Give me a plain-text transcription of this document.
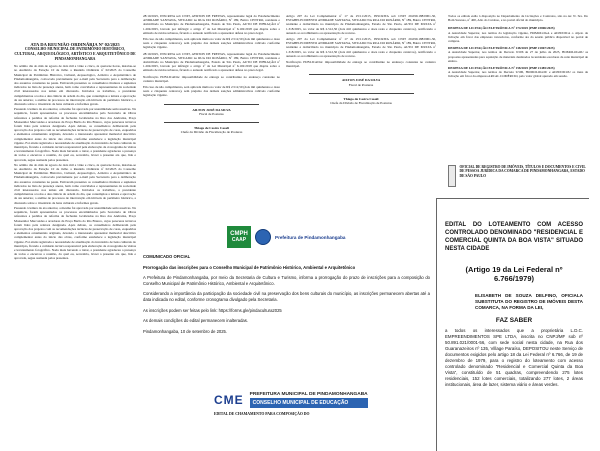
ATA DA REUNIÃO ORDINÁRIA Nº 02/2025
CONSELHO MUNICIPAL DE PATRIMÔNIO HISTÓRICO, CULTURAL, ARQUEOLÓGICO, ARTÍSTICO E ARQUITETÔNICO DE PINDAMONHANGABA
No sétimo dia do mês de agosto de dois mil e vinte e cinco, às quatorze horas, instalou-se no Auditório da Estação 10 de Julho a Reunião Ordinária nº 02/2025 do Conselho Municipal de Patrimônio Histórico, Cultural, Arqueológico, Artístico e Arquitetônico de Pindamonhangaba, convocada previamente por e-mail pela Secretaria para a deliberação dos assuntos constantes na pauta. Estiveram presentes os conselheiros titulares e suplentes indicados na lista de presença anexa, bem como convidados e representantes da sociedade civil interessados nos temas em discussão. Iniciados os trabalhos, a presidente cumprimentou a todos e deu ciência da ordem do dia, que contemplou a leitura e aprovação da ata anterior, a análise de processos de intervenção em imóveis do perímetro histórico, a discussão sobre o inventário de bens culturais e informes gerais.
Passando à leitura da ata anterior, a mesma foi aprovada por unanimidade sem ressalvas. Na sequência, foram apresentados os processos encaminhados pela Secretaria de Obras referentes a pedidos de reforma de fachadas localizadas na Rua dos Andradas, Praça Monsenhor Marcondes e arredores da Praça Barão do Rio Branco, cujos pareceres técnicos foram lidos pela relatora designada. Após debate, os conselheiros deliberaram pela aprovação dos projetos com as recomendações técnicas de preservação de cores, esquadrias e elementos ornamentais originais, devendo o interessado apresentar memorial descritivo complementar antes do início das obras, conforme estabelece a legislação municipal vigente. Foi ainda registrada a necessidade de atualização do inventário de bens culturais do município, ficando a comissão técnica responsável pela elaboração de cronograma de visitas e levantamento fotográfico. Nada mais havendo a tratar, a presidente agradeceu a presença de todos e encerrou a reunião, da qual eu, secretária, lavrei a presente ata que, lida e aprovada, segue assinada pelos presentes.
No sétimo dia do mês de agosto de dois mil e vinte e cinco, às quatorze horas, instalou-se no Auditório da Estação 10 de Julho a Reunião Ordinária nº 02/2025 do Conselho Municipal de Patrimônio Histórico, Cultural, Arqueológico, Artístico e Arquitetônico de Pindamonhangaba, convocada previamente por e-mail pela Secretaria para a deliberação dos assuntos constantes na pauta. Estiveram presentes os conselheiros titulares e suplentes indicados na lista de presença anexa, bem como convidados e representantes da sociedade civil interessados nos temas em discussão. Iniciados os trabalhos, a presidente cumprimentou a todos e deu ciência da ordem do dia, que contemplou a leitura e aprovação da ata anterior, a análise de processos de intervenção em imóveis do perímetro histórico, a discussão sobre o inventário de bens culturais e informes gerais.
Passando à leitura da ata anterior, a mesma foi aprovada por unanimidade sem ressalvas. Na sequência, foram apresentados os processos encaminhados pela Secretaria de Obras referentes a pedidos de reforma de fachadas localizadas na Rua dos Andradas, Praça Monsenhor Marcondes e arredores da Praça Barão do Rio Branco, cujos pareceres técnicos foram lidos pela relatora designada. Após debate, os conselheiros deliberaram pela aprovação dos projetos com as recomendações técnicas de preservação de cores, esquadrias e elementos ornamentais originais, devendo o interessado apresentar memorial descritivo complementar antes do início das obras, conforme estabelece a legislação municipal vigente. Foi ainda registrada a necessidade de atualização do inventário de bens culturais do município, ficando a comissão técnica responsável pela elaboração de cronograma de visitas e levantamento fotográfico. Nada mais havendo a tratar, a presidente agradeceu a presença de todos e encerrou a reunião, da qual eu, secretária, lavrei a presente ata que, lida e aprovada, segue assinada pelos presentes.
28/10/2025, INSCRITA sob CNPJ, AYRTON DE FREITAS, representante legal do Estabelecimento ANDRADE SANTANA, SITUADO na RUA DO ROSÁRIO, Nº 189, Bairro CENTRO, residente e domiciliado no Município de Pindamonhangaba, Estado de São Paulo, AUTO DE INFRAÇÃO nº 1.204/2025, lavrado por infringir o artigo 2º da Lei Municipal nº 6.102/2018 que dispõe sobre a emissão de ruídos urbanos, ficando o autuado notificado a apresentar defesa no prazo legal.
Em caso de não cumprimento, será aplicada multa no valor de R$ 2.512,50 (dois mil quinhentos e doze reais e cinquenta centavos), sem prejuízo das demais sanções administrativas cabíveis conforme legislação vigente.
28/10/2025, INSCRITA sob CNPJ, AYRTON DE FREITAS, representante legal do Estabelecimento ANDRADE SANTANA, SITUADO na RUA DO ROSÁRIO, Nº 189, Bairro CENTRO, residente e domiciliado no Município de Pindamonhangaba, Estado de São Paulo, AUTO DE INFRAÇÃO nº 1.204/2025, lavrado por infringir o artigo 2º da Lei Municipal nº 6.102/2018 que dispõe sobre a emissão de ruídos urbanos, ficando o autuado notificado a apresentar defesa no prazo legal.
Notificação PUBLICADA: impossibilidade de entrega ao contribuinte no endereço constante no cadastro municipal.
Em caso de não cumprimento, será aplicada multa no valor de R$ 2.512,50 (dois mil quinhentos e doze reais e cinquenta centavos), sem prejuízo das demais sanções administrativas cabíveis conforme legislação vigente.
AILTON JOSÉ DA SILVA
Fiscal de Posturas
Thiago de Castro Casali
Chefe da Divisão de Fiscalização de Posturas
Artigo 207 da Lei Complementar nº 17 de 25/11/2015, INSCRITA sob CNPJ 26.099.188/0001-50, ESTABELECIMENTO ANDRADE SANTANA, SITUADO NA RUA DO ROSÁRIO, Nº 189, Bairro CENTRO, residente e domiciliado no município de Pindamonhangaba, Estado de São Paulo, AUTO DE MULTA nº 1.318/2025, no valor de R$ 2.512,50 (dois mil quinhentos e doze reais e cinquenta centavos), notificando o autuado ao recolhimento ou apresentação de recurso.
Artigo 207 da Lei Complementar nº 17 de 25/11/2015, INSCRITA sob CNPJ 26.099.188/0001-50, ESTABELECIMENTO ANDRADE SANTANA, SITUADO NA RUA DO ROSÁRIO, Nº 189, Bairro CENTRO, residente e domiciliado no município de Pindamonhangaba, Estado de São Paulo, AUTO DE MULTA nº 1.318/2025, no valor de R$ 2.512,50 (dois mil quinhentos e doze reais e cinquenta centavos), notificando o autuado ao recolhimento ou apresentação de recurso.
Notificação PUBLICADA: impossibilidade de entrega ao contribuinte no endereço constante no cadastro municipal.
AILTON JOSÉ DA SILVA
Fiscal de Posturas
Thiago de Castro Casali
Chefe da Divisão de Fiscalização de Posturas
CMPH
CAAP	Prefeitura de Pindamonhangaba
COMUNICADO OFICIAL
Prorrogação das inscrições para o Conselho Municipal de Patrimônio Histórico, Ambiental e Arquitetônico
A Prefeitura de Pindamonhangaba, por meio da Secretaria de Cultura e Turismo, informa a prorrogação do prazo de inscrições para a composição do Conselho Municipal de Patrimônio Histórico, Ambiental e Arquitetônico.
Considerando a importância da participação da sociedade civil na preservação dos bens culturais do município, as inscrições permanecem abertas até a data indicada no edital, conforme cronograma divulgado pela Secretaria.
As inscrições podem ser feitas pelo link: https://forms.gle/pindacultura2025
As demais condições do edital permanecem inalteradas.
Pindamonhangaba, 10 de setembro de 2025.
CME PREFEITURA MUNICIPAL DE PINDAMONHANGABA
CONSELHO MUNICIPAL DE EDUCAÇÃO
EDITAL DE CHAMAMENTO PARA COMPOSIÇÃO DO
Todos os editais estão à disposição no Departamento de Licitações e Contratos, sito na Av. N. Sra. Do Bom Sucesso, nº 400, Alto do Cardoso, e no portal oficial do município.
DESPESA DE LICITAÇÃO ELETRÔNICA Nº 174/2025 (PMP 23806/2025)
A Autoridade Superior, nos termos da legislação vigente, HOMOLOGA e ADJUDICA o objeto da licitação em favor das empresas vencedoras, conforme ata da sessão pública disponível no portal de compras.
DESPESA DE LICITAÇÃO ELETRÔNICA Nº 148/2025 (PMP 21867/2025)
A Autoridade Superior, nos termos do Decreto 9.506 de 27 de julho de 2025, HOMOLOGOU as propostas apresentadas para aquisição de materiais destinados às unidades escolares da rede municipal de ensino.
DESPESA DE LICITAÇÃO ELETRÔNICA Nº 158/2025 (PMP 21485/2025)
A Autoridade Superior, nos termos do Decreto 9.506, HOMOLOGOU e ADJUDICOU os itens da licitação em favor da empresa ARCAL COMÉRCIO, pelo valor global apurado em sessão.
OFICIAL DE REGISTRO DE IMÓVEIS, TÍTULOS E DOCUMENTOS E CIVIL DE PESSOA JURÍDICA DA COMARCA DE PINDAMONHANGABA, ESTADO DE SÃO PAULO
EDITAL DO LOTEAMENTO COM ACESSO CONTROLADO DENOMINADO "RESIDENCIAL E COMERCIAL QUINTA DA BOA VISTA" SITUADO NESTA CIDADE
(Artigo 19 da Lei Federal nº 6.766/1979)
ELISABETH DE SOUZA DELFINO, OFICIALA SUBSTITUTA DO REGISTRO DE IMÓVEIS DESTA COMARCA, NA FORMA DA LEI,
FAZ SABER
a todos os interessados que a proprietária L.D.C. EMPREENDIMENTOS SPE LTDA, inscrita no CNPJ/MF sob nº 50.891.021/0001-56, com sede social nesta cidade, na Rua dos Guaranazeiros nº 135, Village Paraíso, DEPOSITOU neste Serviço de documentos exigidos pelo artigo 18 da Lei Federal nº 6.766, de 19 de dezembro de 1979, para o registro do loteamento com acesso controlado denominado "Residencial e Comercial Quinta da Boa Vista", constituído de 51 quadras, compreendendo 275 lotes residenciais, 152 lotes comerciais, totalizando 277 lotes, 2 áreas institucionais, área de lazer, sistema viário e áreas verdes.
